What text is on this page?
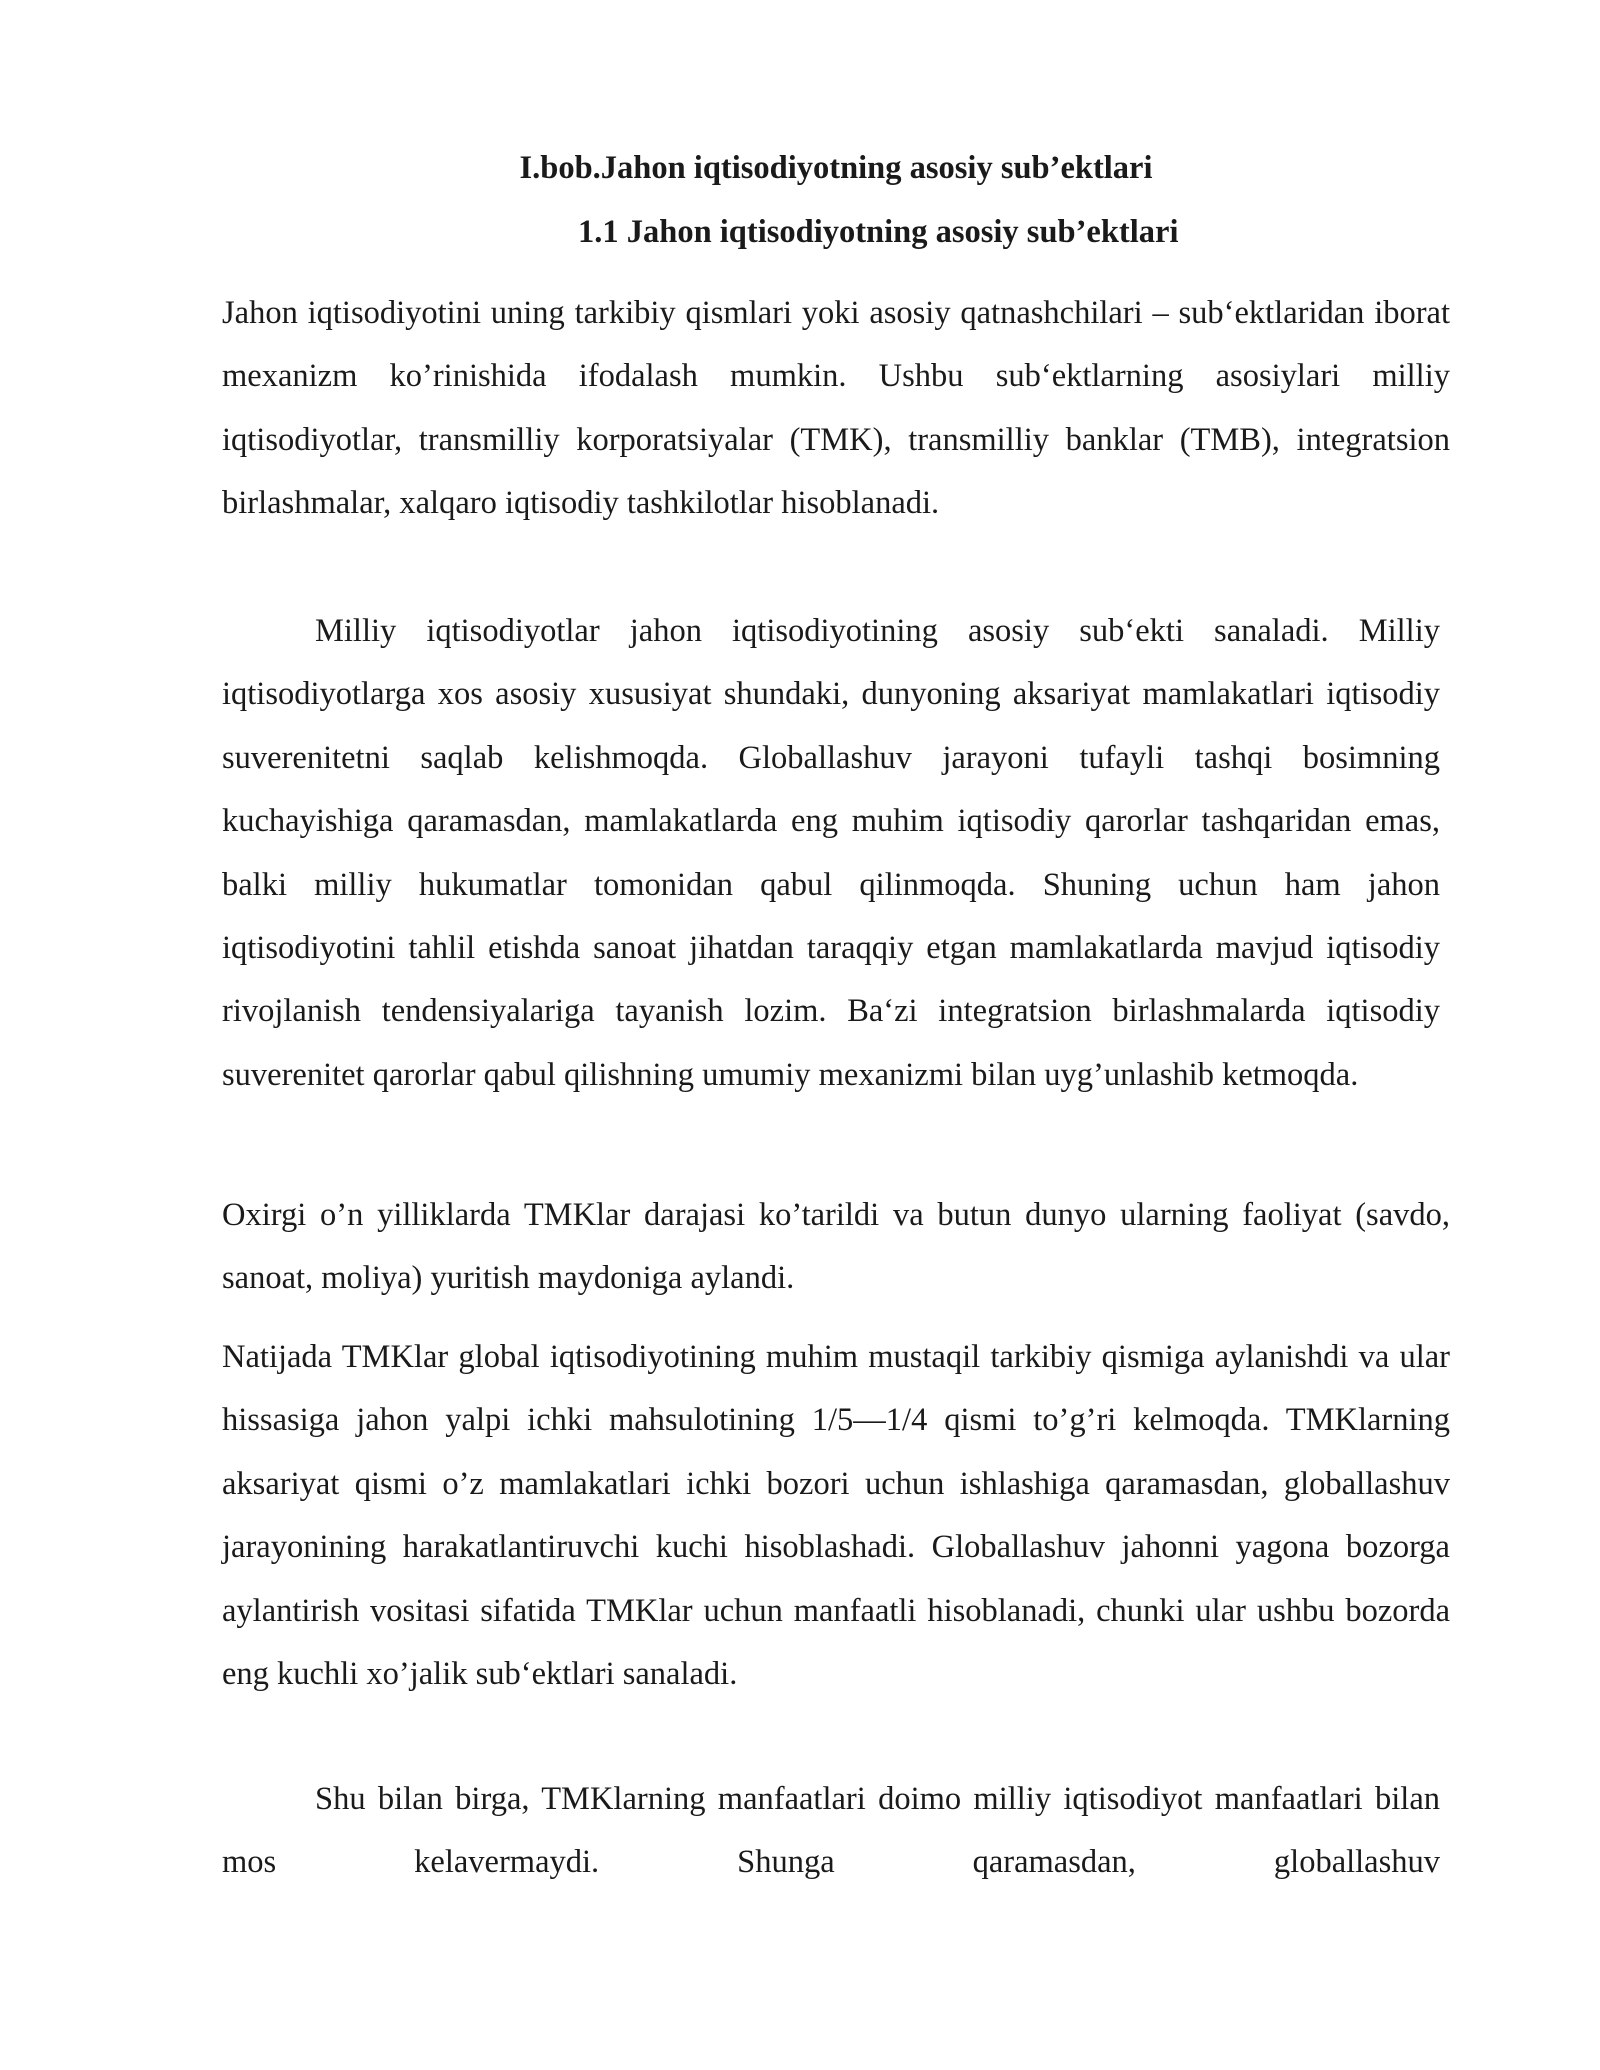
I.bob.Jahon iqtisodiyotning asosiy sub’ektlari
1.1 Jahon iqtisodiyotning asosiy sub’ektlari

Jahon iqtisodiyotini uning tarkibiy qismlari yoki asosiy qatnashchilari – sub‘ektlaridan iborat mexanizm ko’rinishida ifodalash mumkin. Ushbu sub‘ektlarning asosiylari milliy iqtisodiyotlar, transmilliy korporatsiyalar (TMK), transmilliy banklar (TMB), integratsion birlashmalar, xalqaro iqtisodiy tashkilotlar hisoblanadi.

Milliy iqtisodiyotlar jahon iqtisodiyotining asosiy sub‘ekti sanaladi. Milliy iqtisodiyotlarga xos asosiy xususiyat shundaki, dunyoning aksariyat mamlakatlari iqtisodiy suverenitetni saqlab kelishmoqda. Globallashuv jarayoni tufayli tashqi bosimning kuchayishiga qaramasdan, mamlakatlarda eng muhim iqtisodiy qarorlar tashqaridan emas, balki milliy hukumatlar tomonidan qabul qilinmoqda. Shuning uchun ham jahon iqtisodiyotini tahlil etishda sanoat jihatdan taraqqiy etgan mamlakatlarda mavjud iqtisodiy rivojlanish tendensiyalariga tayanish lozim. Ba‘zi integratsion birlashmalarda iqtisodiy suverenitet qarorlar qabul qilishning umumiy mexanizmi bilan uyg’unlashib ketmoqda.

Oxirgi o’n yilliklarda TMKlar darajasi ko’tarildi va butun dunyo ularning faoliyat (savdo, sanoat, moliya) yuritish maydoniga aylandi.

Natijada TMKlar global iqtisodiyotining muhim mustaqil tarkibiy qismiga aylanishdi va ular hissasiga jahon yalpi ichki mahsulotining 1/5—1/4 qismi to’g’ri kelmoqda. TMKlarning aksariyat qismi o’z mamlakatlari ichki bozori uchun ishlashiga qaramasdan, globallashuv jarayonining harakatlantiruvchi kuchi hisoblashadi. Globallashuv jahonni yagona bozorga aylantirish vositasi sifatida TMKlar uchun manfaatli hisoblanadi, chunki ular ushbu bozorda eng kuchli xo’jalik sub‘ektlari sanaladi.

Shu bilan birga, TMKlarning manfaatlari doimo milliy iqtisodiyot manfaatlari bilan mos kelavermaydi. Shunga qaramasdan, globallashuv
